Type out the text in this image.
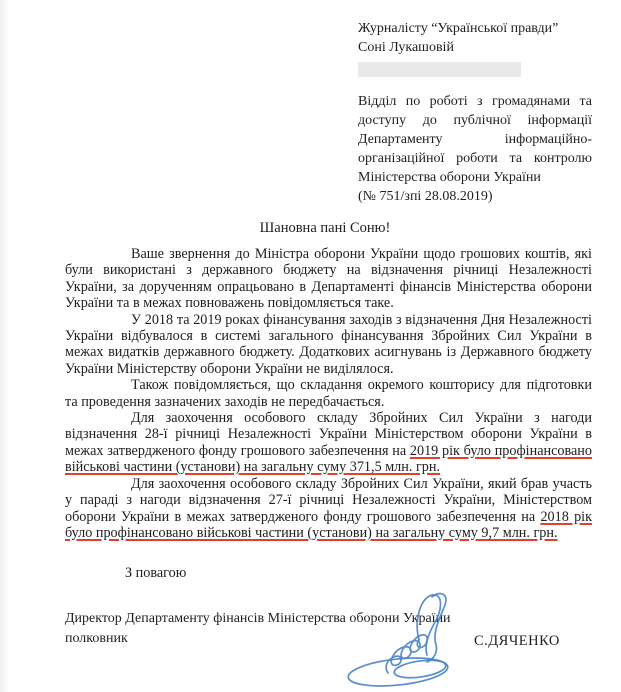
Журналісту “Української правди”
Соні Лукашовій
Відділ по роботі з громадянами та
доступу до публічної інформації
Департаменту інформаційно-
організаційної роботи та контролю
Міністерства оборони України
(№ 751/зпі 28.08.2019)
Шановна пані Соню!

Ваше звернення до Міністра оборони України щодо грошових коштів, які були використані з державного бюджету на відзначення річниці Незалежності України, за дорученням опрацьовано в Департаменті фінансів Міністерства оборони України та в межах повноважень повідомляється таке.

У 2018 та 2019 роках фінансування заходів з відзначення Дня Незалежності України відбувалося в системі загального фінансування Збройних Сил України в межах видатків державного бюджету. Додаткових асигнувань із Державного бюджету України Міністерству оборони України не виділялося.

Також повідомляється, що складання окремого кошторису для підготовки та проведення зазначених заходів не передбачається.

Для заохочення особового складу Збройних Сил України з нагоди відзначення 28-ї річниці Незалежності України Міністерством оборони України в межах затвердженого фонду грошового забезпечення на 2019 рік було профінансовано військові частини (установи) на загальну суму 371,5 млн. грн.

Для заохочення особового складу Збройних Сил України, який брав участь у параді з нагоди відзначення 27-ї річниці Незалежності України, Міністерством оборони України в межах затвердженого фонду грошового забезпечення на 2018 рік було профінансовано військові частини (установи) на загальну суму 9,7 млн. грн.

З повагою
Директор Департаменту фінансів Міністерства оборони України
полковник	С.ДЯЧЕНКО
